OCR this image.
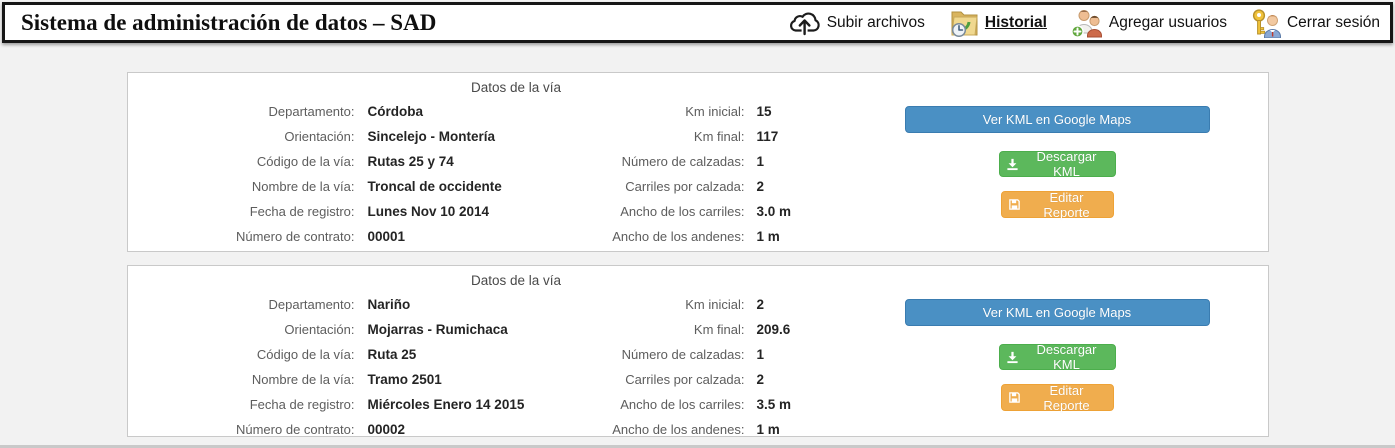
Sistema de administración de datos – SAD	Subir archivos	Historial	Agregar usuarios	Cerrar sesión
Datos de la vía
Departamento: Córdoba
Orientación: Sincelejo - Montería
Código de la vía: Rutas 25 y 74
Nombre de la vía: Troncal de occidente
Fecha de registro: Lunes Nov 10 2014
Número de contrato: 00001
Km inicial: 15
Km final: 117
Número de calzadas: 1
Carriles por calzada: 2
Ancho de los carriles: 3.0 m
Ancho de los andenes: 1 m
Ver KML en Google Maps
Descargar KML
Editar Reporte
Datos de la vía
Departamento: Nariño
Orientación: Mojarras - Rumichaca
Código de la vía: Ruta 25
Nombre de la vía: Tramo 2501
Fecha de registro: Miércoles Enero 14 2015
Número de contrato: 00002
Km inicial: 2
Km final: 209.6
Número de calzadas: 1
Carriles por calzada: 2
Ancho de los carriles: 3.5 m
Ancho de los andenes: 1 m
Ver KML en Google Maps
Descargar KML
Editar Reporte
